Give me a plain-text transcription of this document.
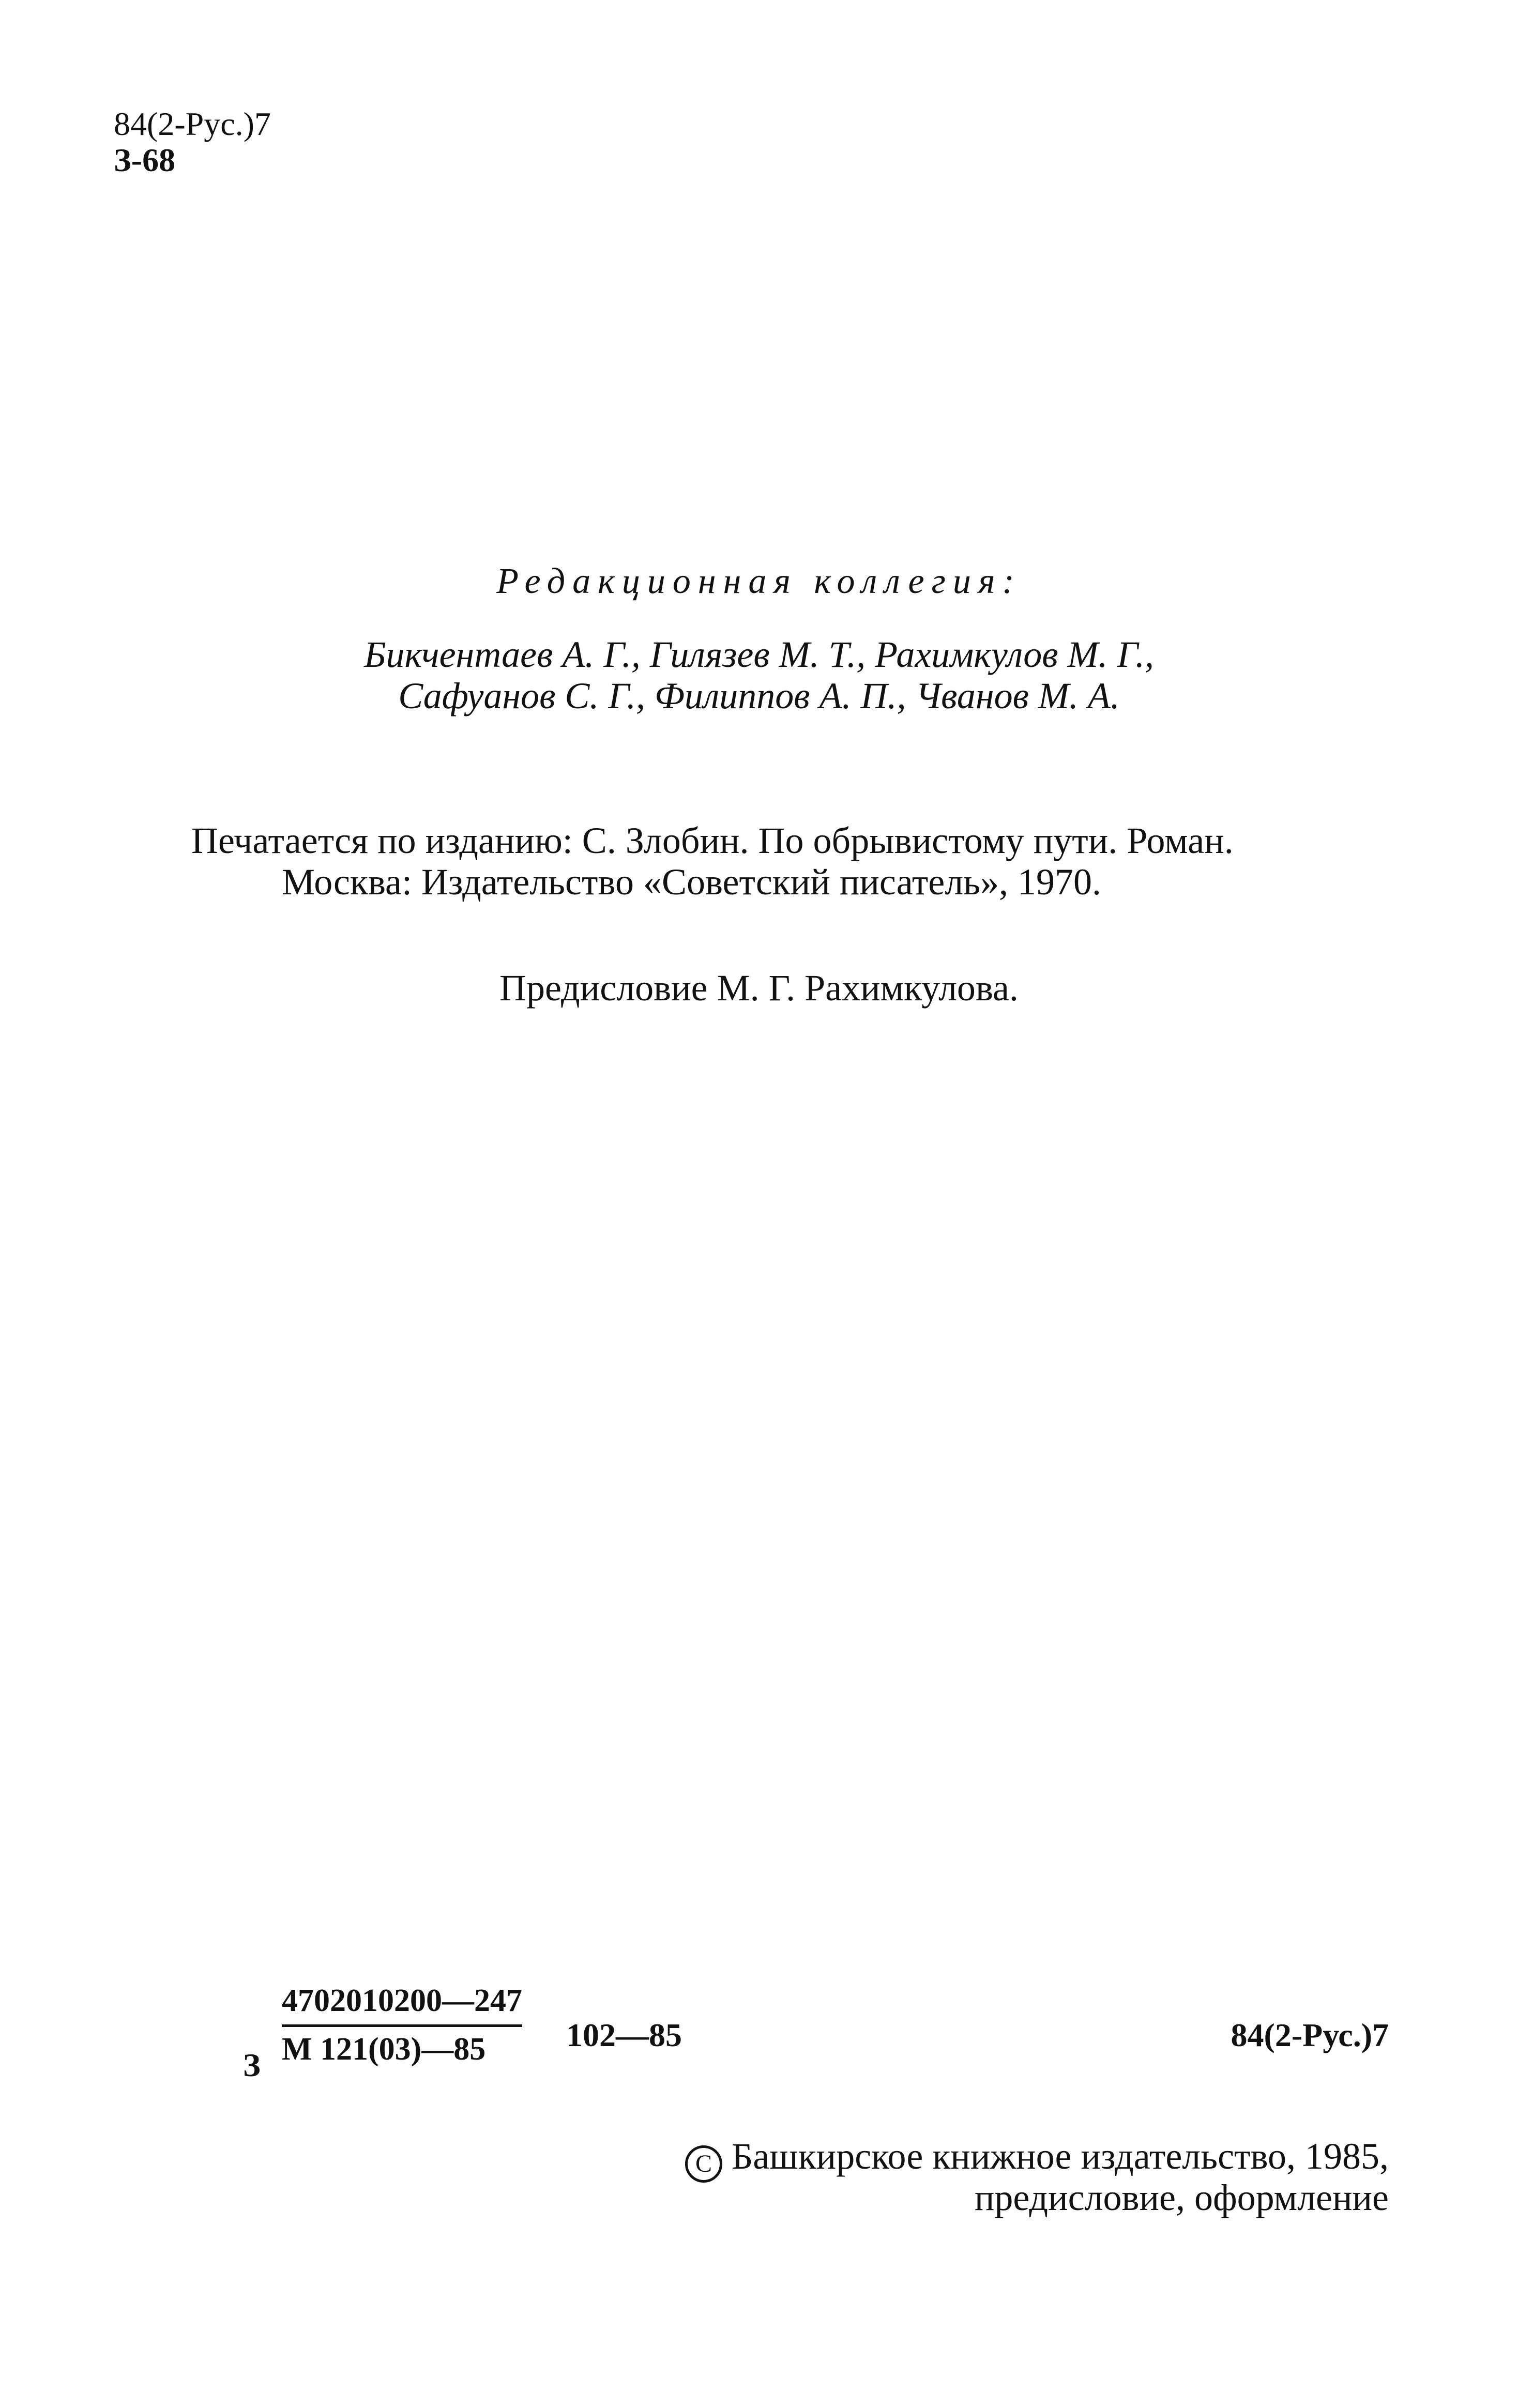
84(2-Рус.)7
З-68
Редакционная коллегия:
Бикчентаев А. Г., Гилязев М. Т., Рахимкулов М. Г.,
Сафуанов С. Г., Филиппов А. П., Чванов М. А.
Печатается по изданию: С. Злобин. По обрывистому пути. Роман.
Москва: Издательство «Советский писатель», 1970.
Предисловие М. Г. Рахимкулова.
З
4702010200—247
М 121(03)—85	102—85	84(2-Рус.)7
C Башкирское книжное издательство, 1985,
предисловие, оформление
